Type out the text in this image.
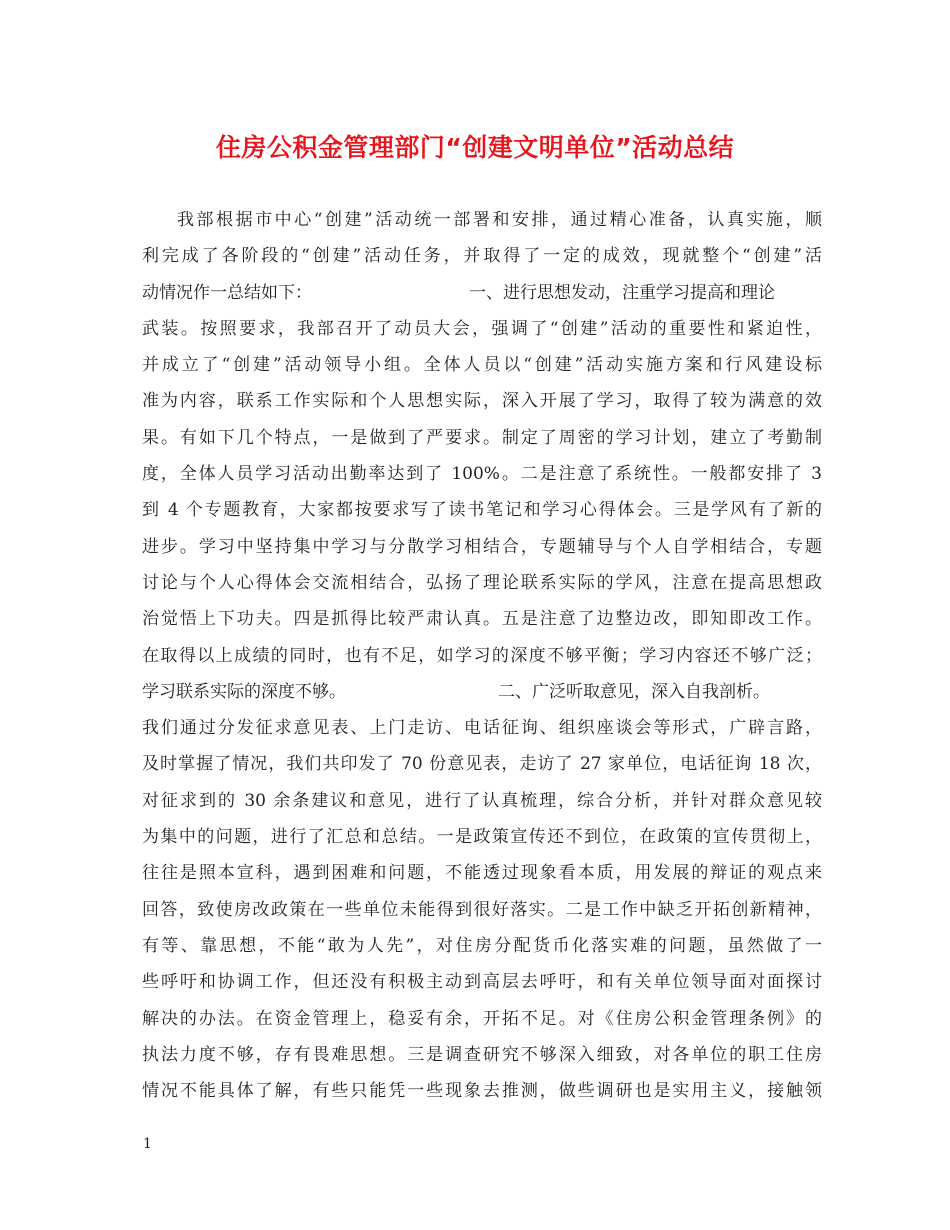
住房公积金管理部门“创建文明单位”活动总结
我部根据市中心“创建”活动统一部署和安排，通过精心准备，认真实施，顺
利完成了各阶段的“创建”活动任务，并取得了一定的成效，现就整个“创建”活
动情况作一总结如下：	一、进行思想发动，注重学习提高和理论
武装。按照要求，我部召开了动员大会，强调了“创建”活动的重要性和紧迫性，
并成立了“创建”活动领导小组。全体人员以“创建”活动实施方案和行风建设标
准为内容，联系工作实际和个人思想实际，深入开展了学习，取得了较为满意的效
果。有如下几个特点，一是做到了严要求。制定了周密的学习计划，建立了考勤制
度，全体人员学习活动出勤率达到了 100%。二是注意了系统性。一般都安排了 3
到 4 个专题教育，大家都按要求写了读书笔记和学习心得体会。三是学风有了新的
进步。学习中坚持集中学习与分散学习相结合，专题辅导与个人自学相结合，专题
讨论与个人心得体会交流相结合，弘扬了理论联系实际的学风，注意在提高思想政
治觉悟上下功夫。四是抓得比较严肃认真。五是注意了边整边改，即知即改工作。
在取得以上成绩的同时，也有不足，如学习的深度不够平衡；学习内容还不够广泛；
学习联系实际的深度不够。	二、广泛听取意见，深入自我剖析。
我们通过分发征求意见表、上门走访、电话征询、组织座谈会等形式，广辟言路，
及时掌握了情况，我们共印发了 70 份意见表，走访了 27 家单位，电话征询 18 次，
对征求到的 30 余条建议和意见，进行了认真梳理，综合分析，并针对群众意见较
为集中的问题，进行了汇总和总结。一是政策宣传还不到位，在政策的宣传贯彻上，
往往是照本宣科，遇到困难和问题，不能透过现象看本质，用发展的辩证的观点来
回答，致使房改政策在一些单位未能得到很好落实。二是工作中缺乏开拓创新精神，
有等、靠思想，不能“敢为人先”，对住房分配货币化落实难的问题，虽然做了一
些呼吁和协调工作，但还没有积极主动到高层去呼吁，和有关单位领导面对面探讨
解决的办法。在资金管理上，稳妥有余，开拓不足。对《住房公积金管理条例》的
执法力度不够，存有畏难思想。三是调查研究不够深入细致，对各单位的职工住房
情况不能具体了解，有些只能凭一些现象去推测，做些调研也是实用主义，接触领
1
